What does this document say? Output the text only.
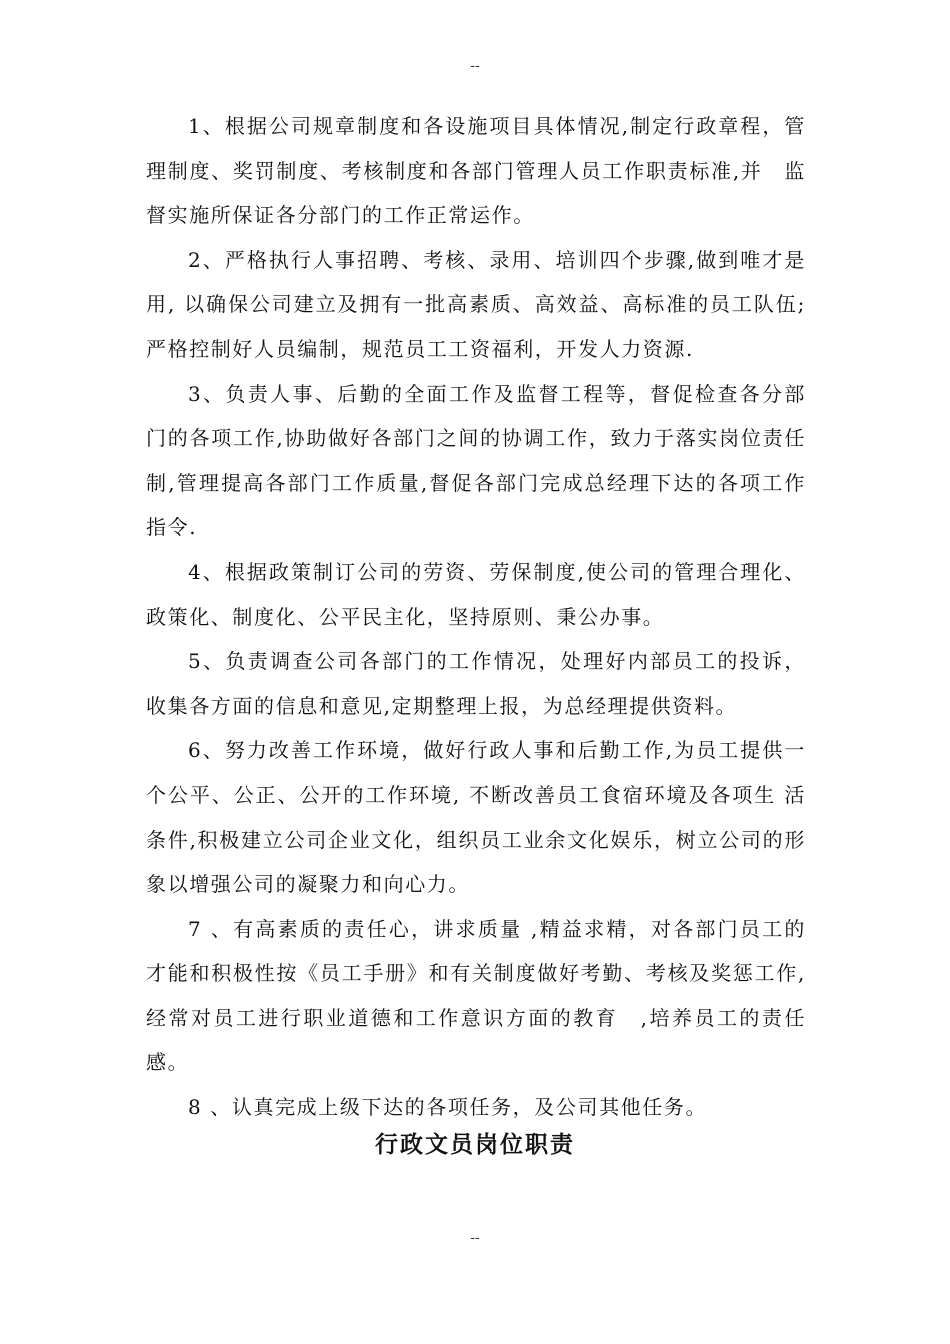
--

1、根据公司规章制度和各设施项目具体情况,制定行政章程，管理制度、奖罚制度、考核制度和各部门管理人员工作职责标准,并　监督实施所保证各分部门的工作正常运作。

2、严格执行人事招聘、考核、录用、培训四个步骤,做到唯才是用, 以确保公司建立及拥有一批高素质、高效益、高标准的员工队伍;严格控制好人员编制，规范员工工资福利，开发人力资源.

3、负责人事、后勤的全面工作及监督工程等，督促检查各分部门的各项工作,协助做好各部门之间的协调工作，致力于落实岗位责任制,管理提高各部门工作质量,督促各部门完成总经理下达的各项工作指令.

4、根据政策制订公司的劳资、劳保制度,使公司的管理合理化、政策化、制度化、公平民主化，坚持原则、秉公办事。

5、负责调查公司各部门的工作情况，处理好内部员工的投诉，收集各方面的信息和意见,定期整理上报，为总经理提供资料。

6、努力改善工作环境，做好行政人事和后勤工作,为员工提供一个公平、公正、公开的工作环境, 不断改善员工食宿环境及各项生 活条件,积极建立公司企业文化，组织员工业余文化娱乐，树立公司的形象以增强公司的凝聚力和向心力。

7 、有高素质的责任心，讲求质量 ,精益求精，对各部门员工的才能和积极性按《员工手册》和有关制度做好考勤、考核及奖惩工作,经常对员工进行职业道德和工作意识方面的教育　,培养员工的责任感。

8 、认真完成上级下达的各项任务，及公司其他任务。

行政文员岗位职责
--
